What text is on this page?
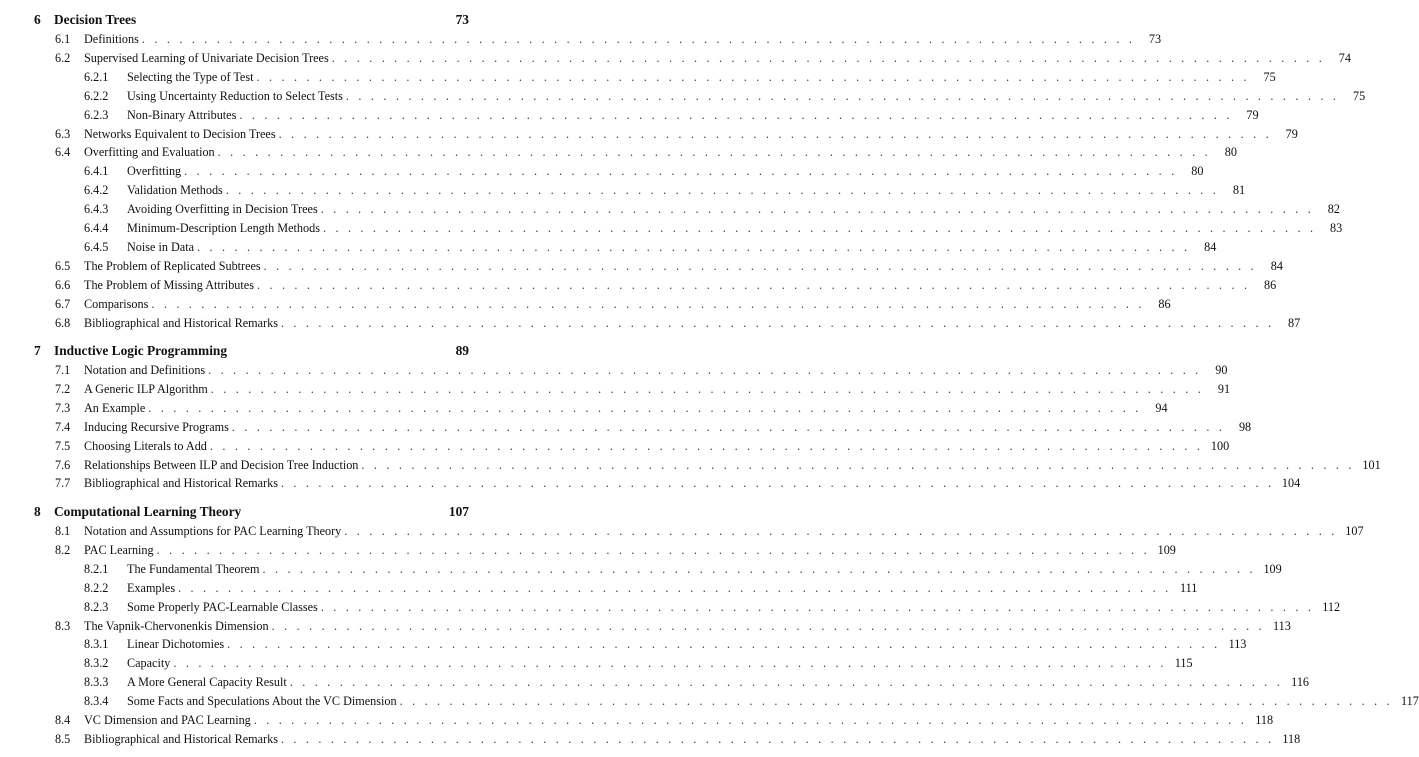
6 Decision Trees	73
6.1 Definitions . . . . . . . . . . . . . . . . . . . . . . . . . . . . . . . . . . . . . . . . . . . . . . . . . . . . . . . . . . . . . . . . . . . . . . . . . . . . . . . .	73
6.2 Supervised Learning of Univariate Decision Trees . . . . . . . . . . . . . . . . . . . . . . . . . . . . . . . . . . . . . . . . . . . . . . . . . . . . . . . . . . . . . . . . . . . . . . . . . . . . . . . .	74
6.2.1 Selecting the Type of Test . . . . . . . . . . . . . . . . . . . . . . . . . . . . . . . . . . . . . . . . . . . . . . . . . . . . . . . . . . . . . . . . . . . . . . . . . . . . . . . .	75
6.2.2 Using Uncertainty Reduction to Select Tests . . . . . . . . . . . . . . . . . . . . . . . . . . . . . . . . . . . . . . . . . . . . . . . . . . . . . . . . . . . . . . . . . . . . . . . . . . . . . . . .	75
6.2.3 Non-Binary Attributes . . . . . . . . . . . . . . . . . . . . . . . . . . . . . . . . . . . . . . . . . . . . . . . . . . . . . . . . . . . . . . . . . . . . . . . . . . . . . . . .	79
6.3 Networks Equivalent to Decision Trees . . . . . . . . . . . . . . . . . . . . . . . . . . . . . . . . . . . . . . . . . . . . . . . . . . . . . . . . . . . . . . . . . . . . . . . . . . . . . . . .	79
6.4 Overfitting and Evaluation . . . . . . . . . . . . . . . . . . . . . . . . . . . . . . . . . . . . . . . . . . . . . . . . . . . . . . . . . . . . . . . . . . . . . . . . . . . . . . . .	80
6.4.1 Overfitting . . . . . . . . . . . . . . . . . . . . . . . . . . . . . . . . . . . . . . . . . . . . . . . . . . . . . . . . . . . . . . . . . . . . . . . . . . . . . . . .	80
6.4.2 Validation Methods . . . . . . . . . . . . . . . . . . . . . . . . . . . . . . . . . . . . . . . . . . . . . . . . . . . . . . . . . . . . . . . . . . . . . . . . . . . . . . . .	81
6.4.3 Avoiding Overfitting in Decision Trees . . . . . . . . . . . . . . . . . . . . . . . . . . . . . . . . . . . . . . . . . . . . . . . . . . . . . . . . . . . . . . . . . . . . . . . . . . . . . . . .	82
6.4.4 Minimum-Description Length Methods . . . . . . . . . . . . . . . . . . . . . . . . . . . . . . . . . . . . . . . . . . . . . . . . . . . . . . . . . . . . . . . . . . . . . . . . . . . . . . . .	83
6.4.5 Noise in Data . . . . . . . . . . . . . . . . . . . . . . . . . . . . . . . . . . . . . . . . . . . . . . . . . . . . . . . . . . . . . . . . . . . . . . . . . . . . . . . .	84
6.5 The Problem of Replicated Subtrees . . . . . . . . . . . . . . . . . . . . . . . . . . . . . . . . . . . . . . . . . . . . . . . . . . . . . . . . . . . . . . . . . . . . . . . . . . . . . . . .	84
6.6 The Problem of Missing Attributes . . . . . . . . . . . . . . . . . . . . . . . . . . . . . . . . . . . . . . . . . . . . . . . . . . . . . . . . . . . . . . . . . . . . . . . . . . . . . . . .	86
6.7 Comparisons . . . . . . . . . . . . . . . . . . . . . . . . . . . . . . . . . . . . . . . . . . . . . . . . . . . . . . . . . . . . . . . . . . . . . . . . . . . . . . . .	86
6.8 Bibliographical and Historical Remarks . . . . . . . . . . . . . . . . . . . . . . . . . . . . . . . . . . . . . . . . . . . . . . . . . . . . . . . . . . . . . . . . . . . . . . . . . . . . . . . .	87
7 Inductive Logic Programming	89
7.1 Notation and Definitions . . . . . . . . . . . . . . . . . . . . . . . . . . . . . . . . . . . . . . . . . . . . . . . . . . . . . . . . . . . . . . . . . . . . . . . . . . . . . . . .	90
7.2 A Generic ILP Algorithm . . . . . . . . . . . . . . . . . . . . . . . . . . . . . . . . . . . . . . . . . . . . . . . . . . . . . . . . . . . . . . . . . . . . . . . . . . . . . . . .	91
7.3 An Example . . . . . . . . . . . . . . . . . . . . . . . . . . . . . . . . . . . . . . . . . . . . . . . . . . . . . . . . . . . . . . . . . . . . . . . . . . . . . . . .	94
7.4 Inducing Recursive Programs . . . . . . . . . . . . . . . . . . . . . . . . . . . . . . . . . . . . . . . . . . . . . . . . . . . . . . . . . . . . . . . . . . . . . . . . . . . . . . . .	98
7.5 Choosing Literals to Add . . . . . . . . . . . . . . . . . . . . . . . . . . . . . . . . . . . . . . . . . . . . . . . . . . . . . . . . . . . . . . . . . . . . . . . . . . . . . . . . 100
7.6 Relationships Between ILP and Decision Tree Induction . . . . . . . . . . . . . . . . . . . . . . . . . . . . . . . . . . . . . . . . . . . . . . . . . . . . . . . . . . . . . . . . . . . . . . . . . . . . . . . . 101
7.7 Bibliographical and Historical Remarks . . . . . . . . . . . . . . . . . . . . . . . . . . . . . . . . . . . . . . . . . . . . . . . . . . . . . . . . . . . . . . . . . . . . . . . . . . . . . . . . 104
8 Computational Learning Theory	107
8.1 Notation and Assumptions for PAC Learning Theory . . . . . . . . . . . . . . . . . . . . . . . . . . . . . . . . . . . . . . . . . . . . . . . . . . . . . . . . . . . . . . . . . . . . . . . . . . . . . . . . 107
8.2 PAC Learning . . . . . . . . . . . . . . . . . . . . . . . . . . . . . . . . . . . . . . . . . . . . . . . . . . . . . . . . . . . . . . . . . . . . . . . . . . . . . . . . 109
8.2.1 The Fundamental Theorem . . . . . . . . . . . . . . . . . . . . . . . . . . . . . . . . . . . . . . . . . . . . . . . . . . . . . . . . . . . . . . . . . . . . . . . . . . . . . . . . 109
8.2.2 Examples . . . . . . . . . . . . . . . . . . . . . . . . . . . . . . . . . . . . . . . . . . . . . . . . . . . . . . . . . . . . . . . . . . . . . . . . . . . . . . . . 111
8.2.3 Some Properly PAC-Learnable Classes . . . . . . . . . . . . . . . . . . . . . . . . . . . . . . . . . . . . . . . . . . . . . . . . . . . . . . . . . . . . . . . . . . . . . . . . . . . . . . . . 112
8.3 The Vapnik-Chervonenkis Dimension . . . . . . . . . . . . . . . . . . . . . . . . . . . . . . . . . . . . . . . . . . . . . . . . . . . . . . . . . . . . . . . . . . . . . . . . . . . . . . . . 113
8.3.1 Linear Dichotomies . . . . . . . . . . . . . . . . . . . . . . . . . . . . . . . . . . . . . . . . . . . . . . . . . . . . . . . . . . . . . . . . . . . . . . . . . . . . . . . . 113
8.3.2 Capacity . . . . . . . . . . . . . . . . . . . . . . . . . . . . . . . . . . . . . . . . . . . . . . . . . . . . . . . . . . . . . . . . . . . . . . . . . . . . . . . . 115
8.3.3 A More General Capacity Result . . . . . . . . . . . . . . . . . . . . . . . . . . . . . . . . . . . . . . . . . . . . . . . . . . . . . . . . . . . . . . . . . . . . . . . . . . . . . . . . 116
8.3.4 Some Facts and Speculations About the VC Dimension . . . . . . . . . . . . . . . . . . . . . . . . . . . . . . . . . . . . . . . . . . . . . . . . . . . . . . . . . . . . . . . . . . . . . . . . . . . . . . . . 117
8.4 VC Dimension and PAC Learning . . . . . . . . . . . . . . . . . . . . . . . . . . . . . . . . . . . . . . . . . . . . . . . . . . . . . . . . . . . . . . . . . . . . . . . . . . . . . . . . 118
8.5 Bibliographical and Historical Remarks . . . . . . . . . . . . . . . . . . . . . . . . . . . . . . . . . . . . . . . . . . . . . . . . . . . . . . . . . . . . . . . . . . . . . . . . . . . . . . . . 118
